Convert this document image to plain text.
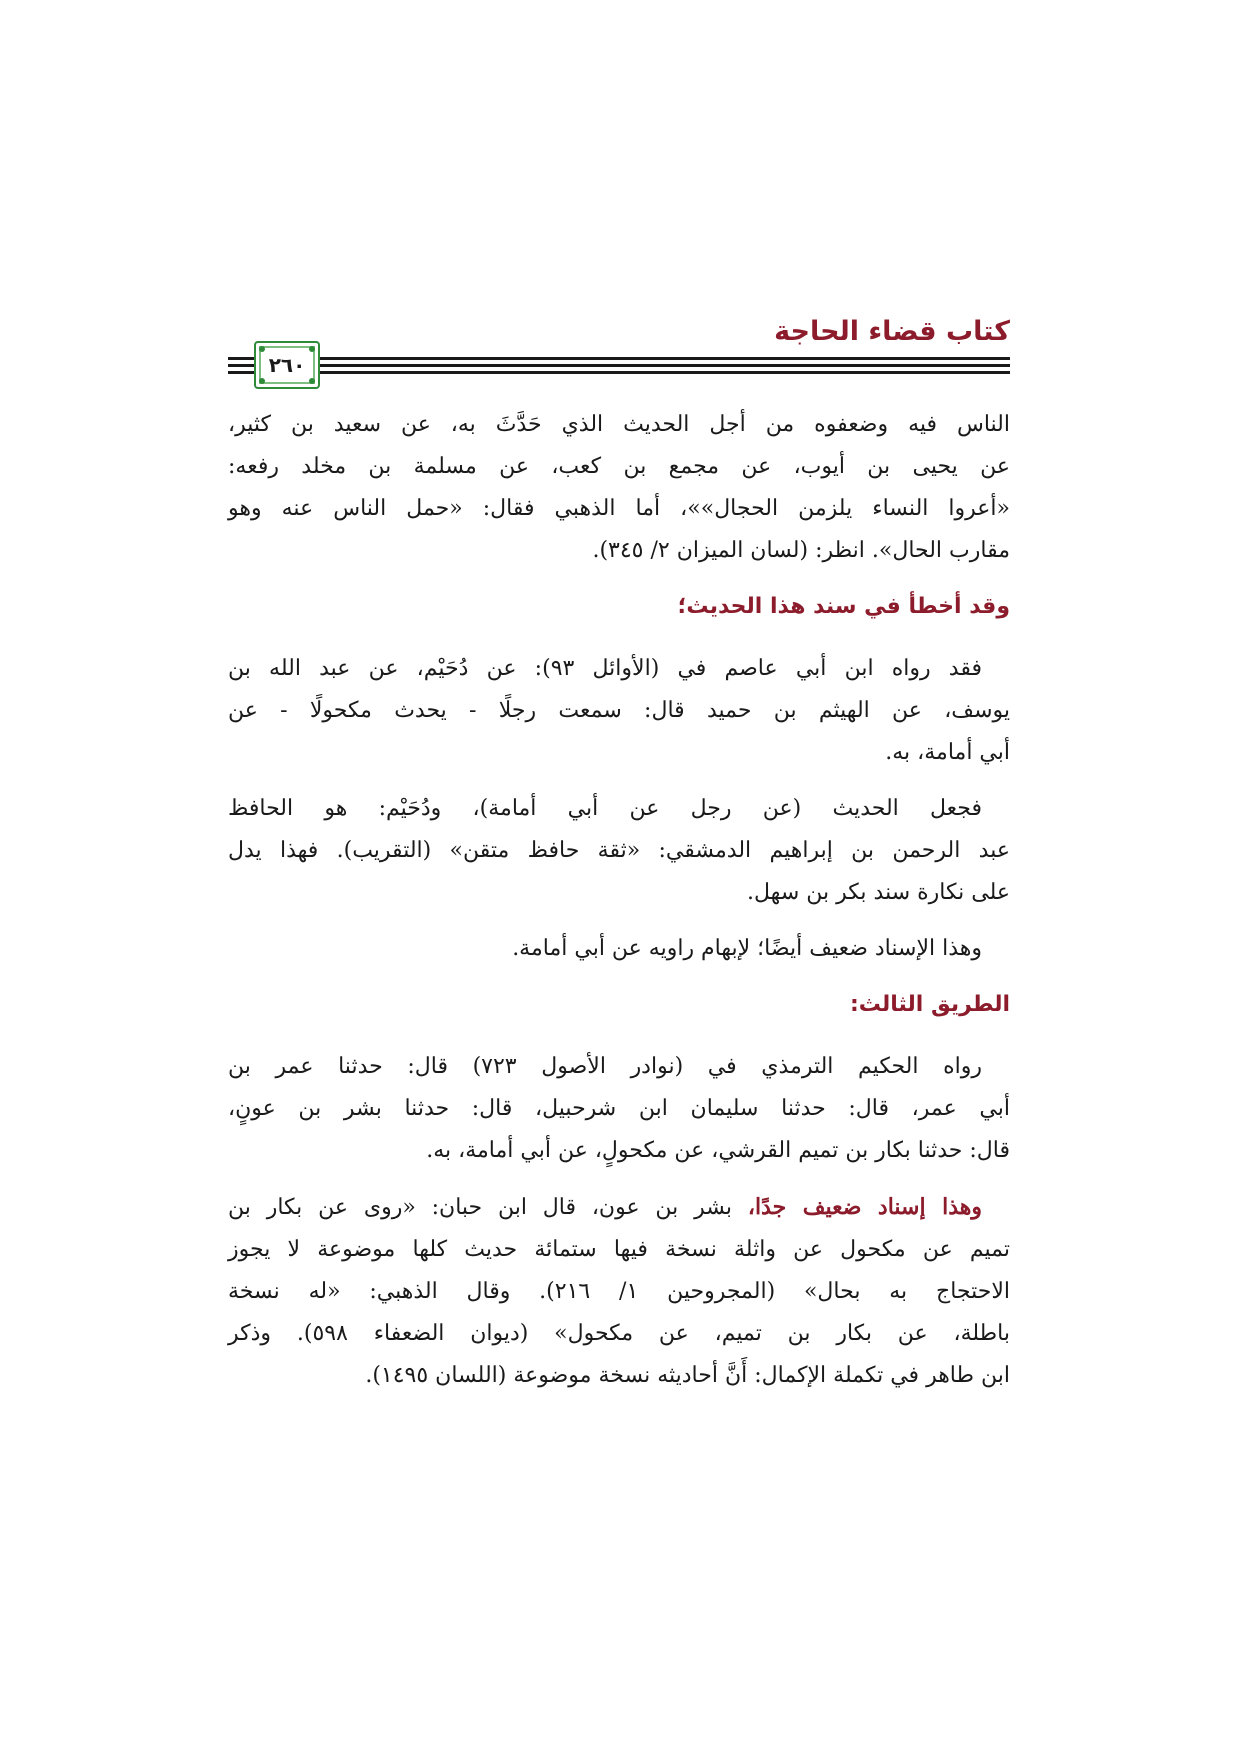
كتاب قضاء الحاجة
٢٦٠
الناس فيه وضعفوه من أجل الحديث الذي حَدَّثَ به، عن سعيد بن كثير،
عن يحيى بن أيوب، عن مجمع بن كعب، عن مسلمة بن مخلد رفعه:
«أعروا النساء يلزمن الحجال»»، أما الذهبي فقال: «حمل الناس عنه وهو
مقارب الحال». انظر: (لسان الميزان ٢/ ٣٤٥).
وقد أخطأ في سند هذا الحديث؛
فقد رواه ابن أبي عاصم في (الأوائل ٩٣): عن دُحَيْم، عن عبد الله بن
يوسف، عن الهيثم بن حميد قال: سمعت رجلًا - يحدث مكحولًا - عن
أبي أمامة، به.
فجعل الحديث (عن رجل عن أبي أمامة)، ودُحَيْم: هو الحافظ
عبد الرحمن بن إبراهيم الدمشقي: «ثقة حافظ متقن» (التقريب). فهذا يدل
على نكارة سند بكر بن سهل.
وهذا الإسناد ضعيف أيضًا؛ لإبهام راويه عن أبي أمامة.
الطريق الثالث:
رواه الحكيم الترمذي في (نوادر الأصول ٧٢٣) قال: حدثنا عمر بن
أبي عمر، قال: حدثنا سليمان ابن شرحبيل، قال: حدثنا بشر بن عونٍ،
قال: حدثنا بكار بن تميم القرشي، عن مكحولٍ، عن أبي أمامة، به.
وهذا إسناد ضعيف جدًا، بشر بن عون، قال ابن حبان: «روى عن بكار بن
تميم عن مكحول عن واثلة نسخة فيها ستمائة حديث كلها موضوعة لا يجوز
الاحتجاج به بحال» (المجروحين ١/ ٢١٦). وقال الذهبي: «له نسخة
باطلة، عن بكار بن تميم، عن مكحول» (ديوان الضعفاء ٥٩٨). وذكر
ابن طاهر في تكملة الإكمال: أَنَّ أحاديثه نسخة موضوعة (اللسان ١٤٩٥).
